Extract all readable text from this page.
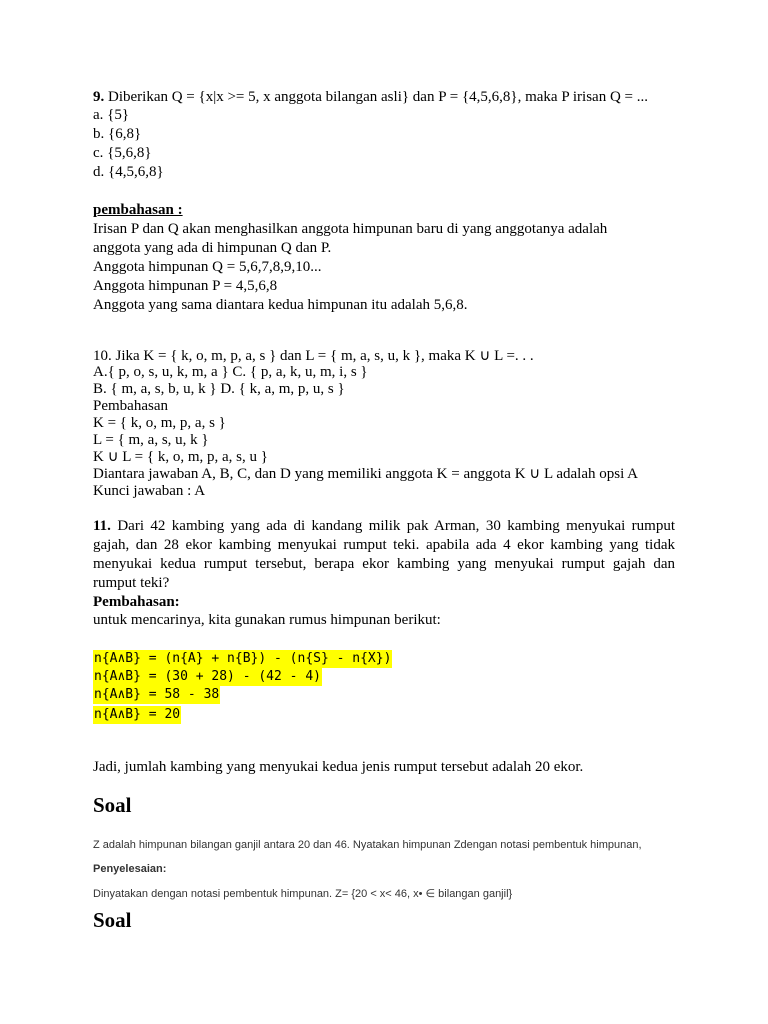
9. Diberikan Q = {x|x >= 5, x anggota bilangan asli} dan P = {4,5,6,8}, maka P irisan Q = ...
a. {5}
b. {6,8}
c. {5,6,8}
d. {4,5,6,8}
pembahasan :
Irisan P dan Q akan menghasilkan anggota himpunan baru di yang anggotanya adalah
anggota yang ada di himpunan Q dan P.
Anggota himpunan Q = 5,6,7,8,9,10...
Anggota himpunan P = 4,5,6,8
Anggota yang sama diantara kedua himpunan itu adalah 5,6,8.
10. Jika K = { k, o, m, p, a, s } dan L = { m, a, s, u, k }, maka K ∪ L =. . .
A.{ p, o, s, u, k, m, a } C. { p, a, k, u, m, i, s }
B. { m, a, s, b, u, k } D. { k, a, m, p, u, s }
Pembahasan
K = { k, o, m, p, a, s }
L = { m, a, s, u, k }
K ∪ L = { k, o, m, p, a, s, u }
Diantara jawaban A, B, C, dan D yang memiliki anggota K = anggota K ∪ L adalah opsi A
Kunci jawaban : A
11. Dari 42 kambing yang ada di kandang milik pak Arman, 30 kambing menyukai rumput gajah, dan 28 ekor kambing menyukai rumput teki. apabila ada 4 ekor kambing yang tidak menyukai kedua rumput tersebut, berapa ekor kambing yang menyukai rumput gajah dan rumput teki?
Pembahasan:
untuk mencarinya, kita gunakan rumus himpunan berikut:
n{A∧B} = (n{A} + n{B}) - (n{S} - n{X})
n{A∧B} = (30 + 28) - (42 - 4)
n{A∧B} = 58 - 38
n{A∧B} = 20
Jadi, jumlah kambing yang menyukai kedua jenis rumput tersebut adalah 20 ekor.
Soal
Z adalah himpunan bilangan ganjil antara 20 dan 46. Nyatakan himpunan Zdengan notasi pembentuk himpunan,
Penyelesaian:
Dinyatakan dengan notasi pembentuk himpunan. Z= {20 < x< 46, x• ∈ bilangan ganjil}
Soal
